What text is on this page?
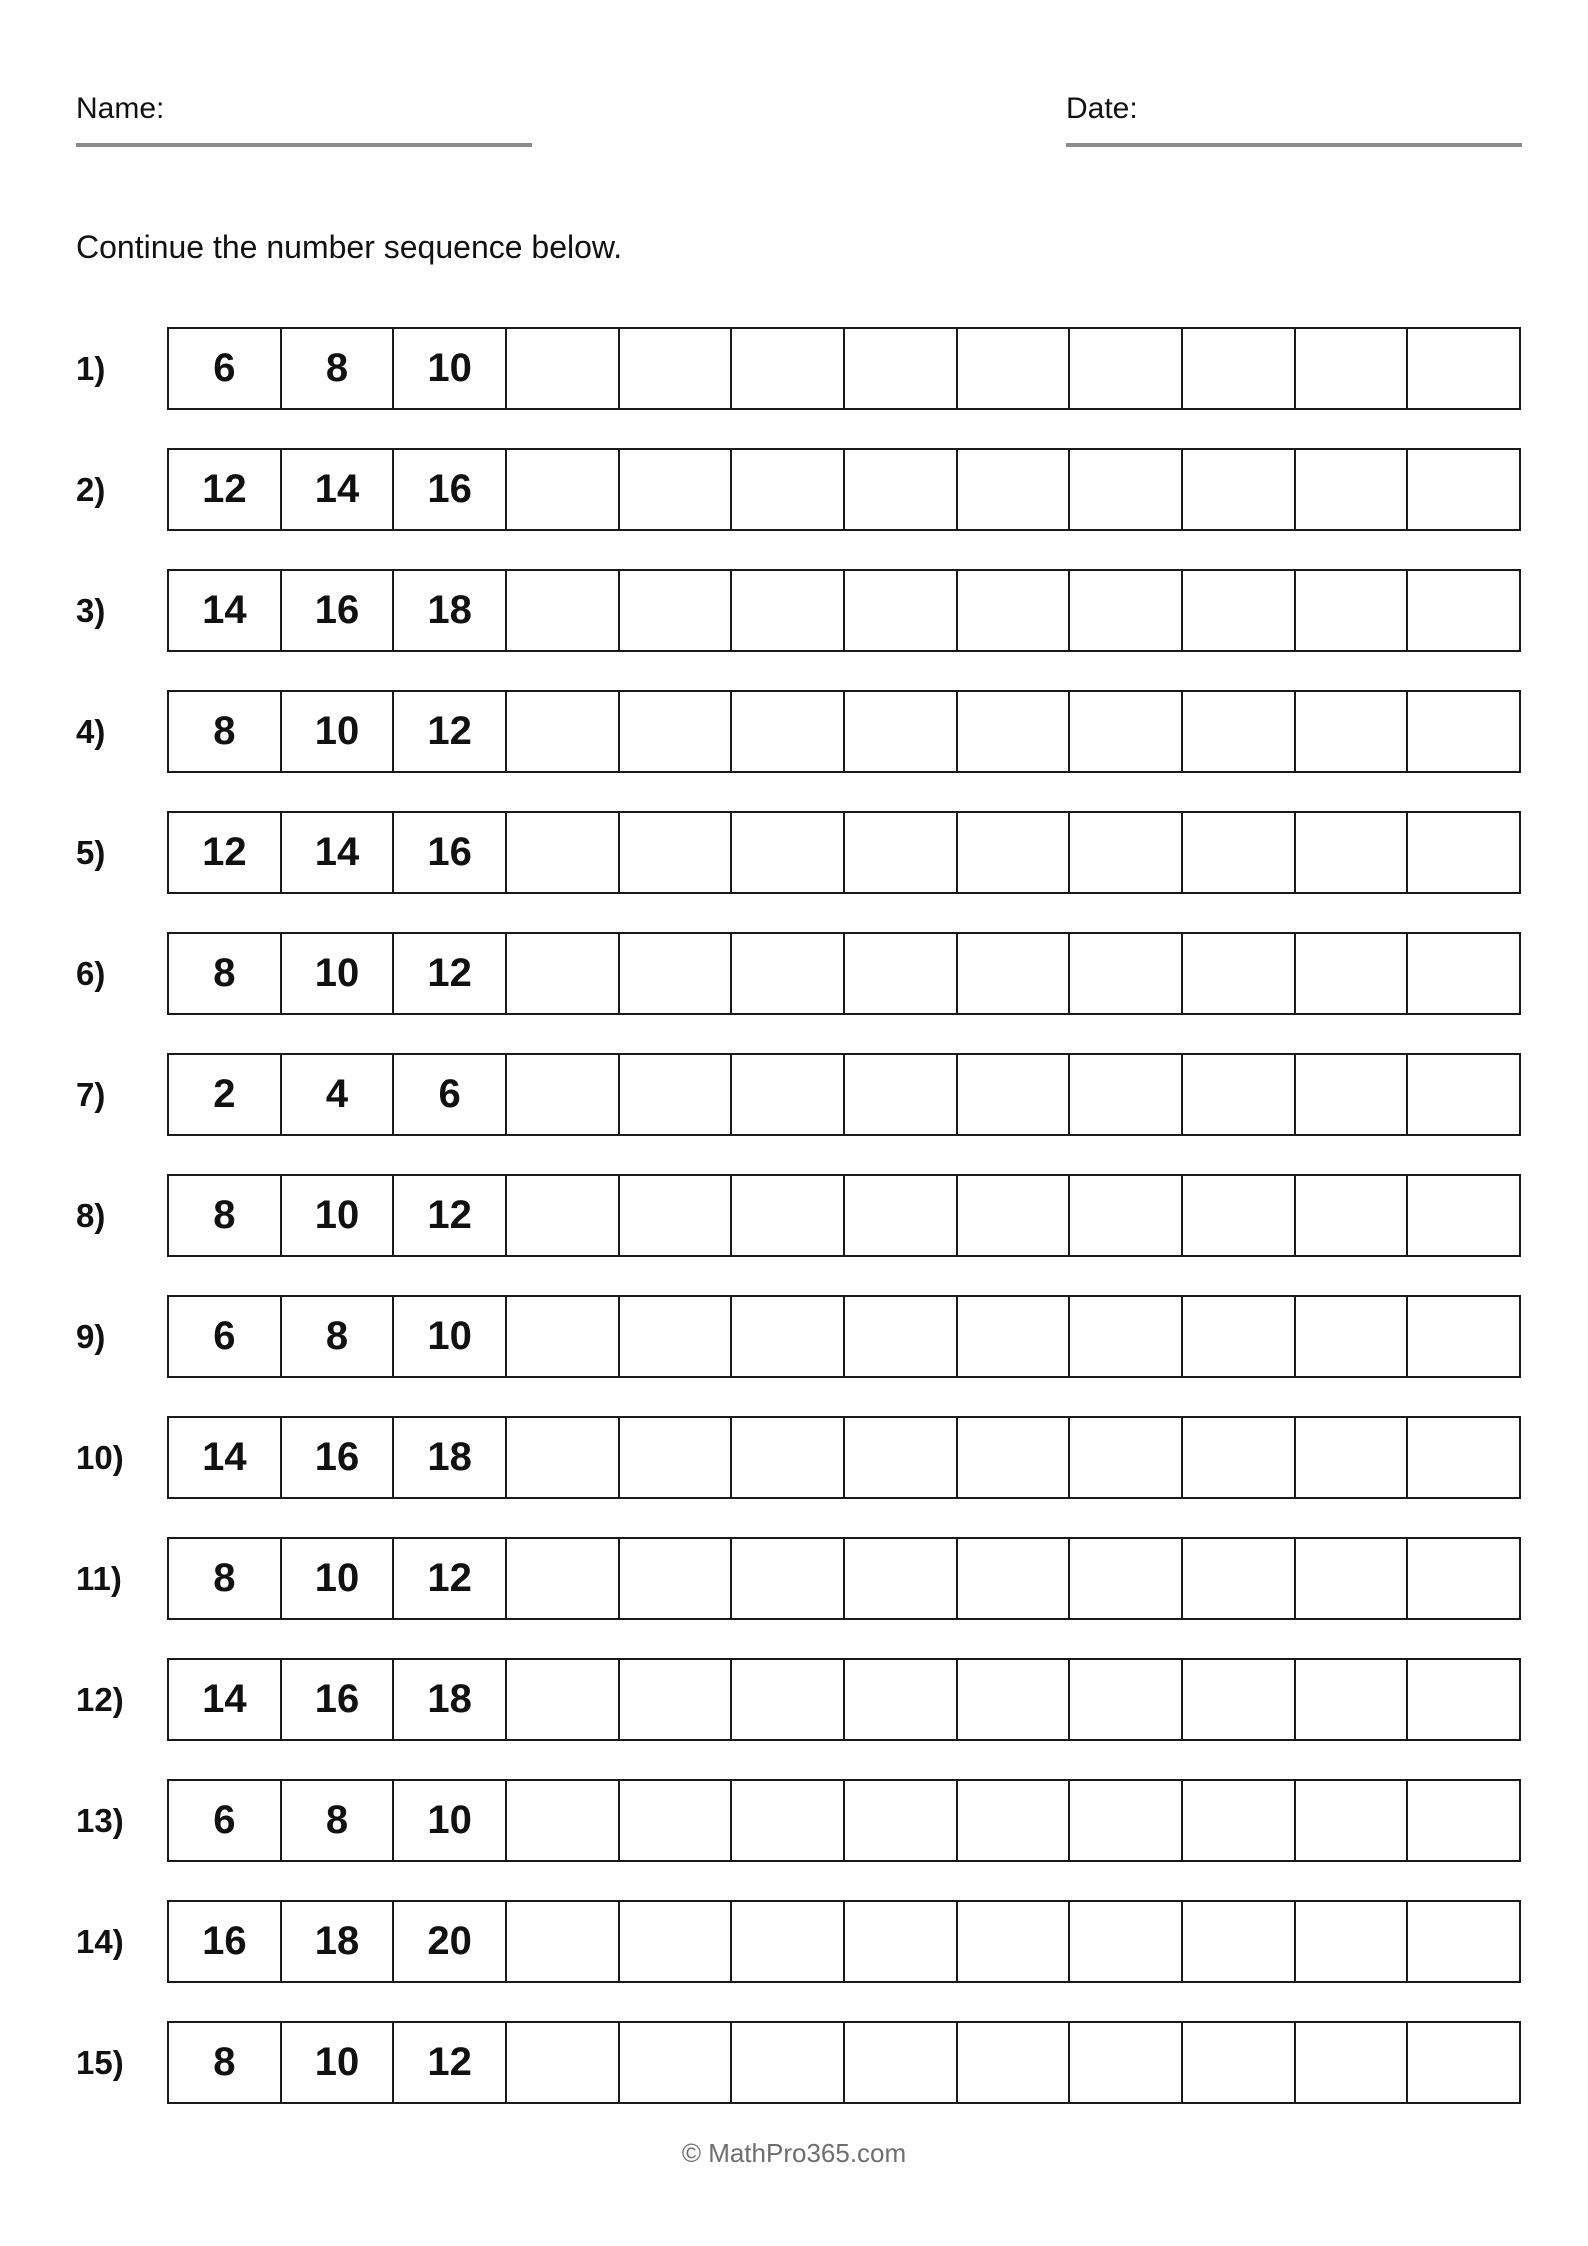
Name:	Date:
Continue the number sequence below.
1)	6	8	10
2)	12	14	16
3)	14	16	18
4)	8	10	12
5)	12	14	16
6)	8	10	12
7)	2	4	6
8)	8	10	12
9)	6	8	10
10)	14	16	18
11)	8	10	12
12)	14	16	18
13)	6	8	10
14)	16	18	20
15)	8	10	12
© MathPro365.com
